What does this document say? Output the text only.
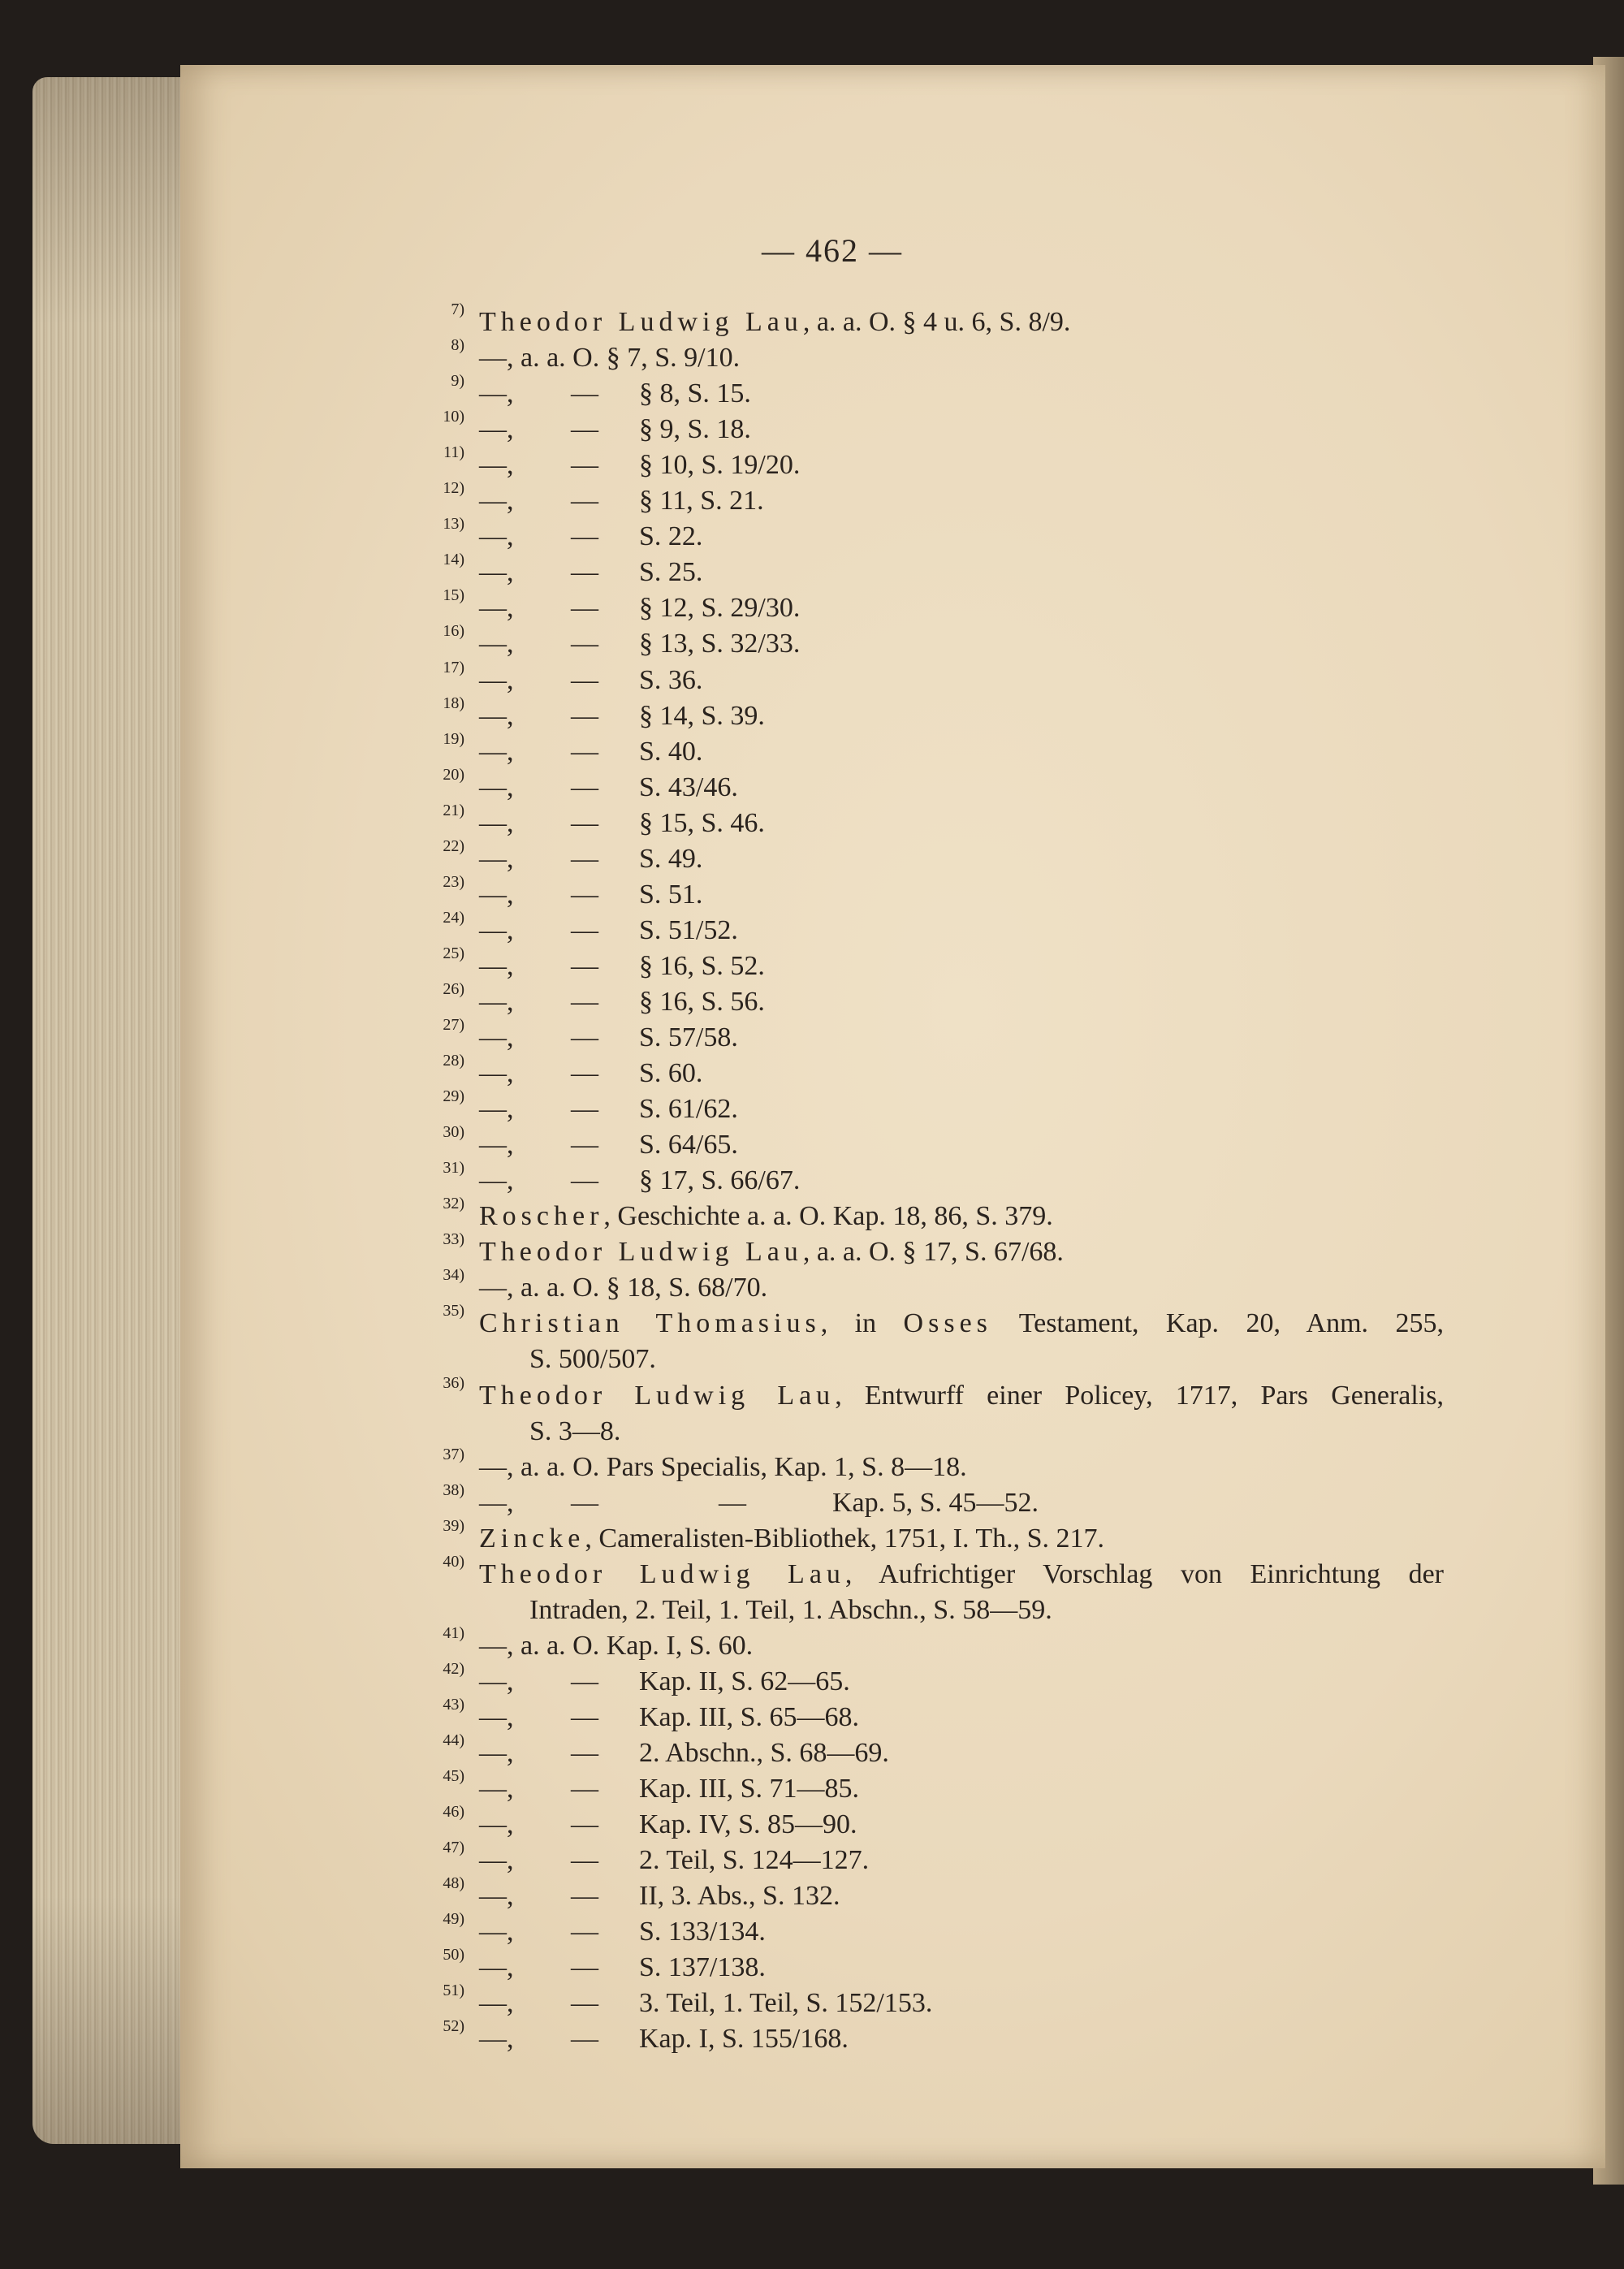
— 462 —
7) Theodor Ludwig Lau, a. a. O. § 4 u. 6, S. 8/9.
8) —, a. a. O. § 7, S. 9/10.
9) —, — § 8, S. 15.
10) —, — § 9, S. 18.
11) —, — § 10, S. 19/20.
12) —, — § 11, S. 21.
13) —, — S. 22.
14) —, — S. 25.
15) —, — § 12, S. 29/30.
16) —, — § 13, S. 32/33.
17) —, — S. 36.
18) —, — § 14, S. 39.
19) —, — S. 40.
20) —, — S. 43/46.
21) —, — § 15, S. 46.
22) —, — S. 49.
23) —, — S. 51.
24) —, — S. 51/52.
25) —, — § 16, S. 52.
26) —, — § 16, S. 56.
27) —, — S. 57/58.
28) —, — S. 60.
29) —, — S. 61/62.
30) —, — S. 64/65.
31) —, — § 17, S. 66/67.
32) Roscher, Geschichte a. a. O. Kap. 18, 86, S. 379.
33) Theodor Ludwig Lau, a. a. O. § 17, S. 67/68.
34) —, a. a. O. § 18, S. 68/70.
35) Christian Thomasius, in Osses Testament, Kap. 20, Anm. 255,
S. 500/507.
36) Theodor Ludwig Lau, Entwurff einer Policey, 1717, Pars Generalis,
S. 3—8.
37) —, a. a. O. Pars Specialis, Kap. 1, S. 8—18.
38) —, —	—	Kap. 5, S. 45—52.
39) Zincke, Cameralisten-Bibliothek, 1751, I. Th., S. 217.
40) Theodor Ludwig Lau, Aufrichtiger Vorschlag von Einrichtung der
Intraden, 2. Teil, 1. Teil, 1. Abschn., S. 58—59.
41) —, a. a. O. Kap. I, S. 60.
42) —, — Kap. II, S. 62—65.
43) —, — Kap. III, S. 65—68.
44) —, — 2. Abschn., S. 68—69.
45) —, — Kap. III, S. 71—85.
46) —, — Kap. IV, S. 85—90.
47) —, — 2. Teil, S. 124—127.
48) —, — II, 3. Abs., S. 132.
49) —, — S. 133/134.
50) —, — S. 137/138.
51) —, — 3. Teil, 1. Teil, S. 152/153.
52) —, — Kap. I, S. 155/168.
